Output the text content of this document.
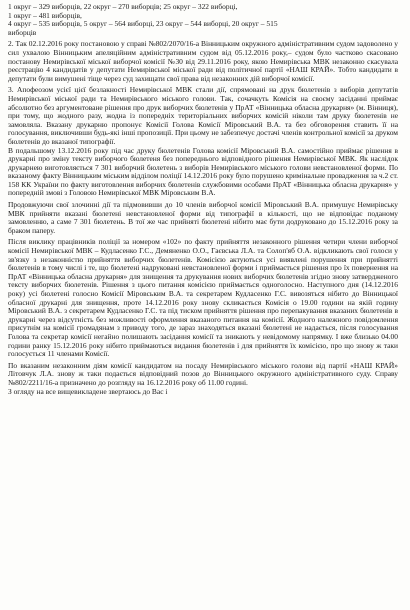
1 округ – 329 виборців, 22 округ – 270 виборців; 25 округ – 322 виборці,
1 округ – 481 виборців,
4 округ – 535 виборців, 5 округ – 564 виборці, 23 округ – 544 виборці, 20 округ – 515
виборців

2. Так 02.12.2016 року постановою у справі №802/2070/16-а Вінницьким окружного адміністративним судом задоволено у сил ухвалою Вінницьким апеляційним адміністративним судом від 05.12.2016 року,– судом було частково скасовано постанову Немирівської міської виборчої комісії №30 від 29.11.2016 року, якою Немирівська МВК незаконно скасувала реєстрацію 4 кандидатів у депутати Немирівської міської ради від політичної партії «НАШ КРАЙ». Тобто кандидати в депутати були вимушені тіще через суд захищати свої права від незаконних дій виборчої комісії.

3. Апофеозом усієї цієї безлакності Немирівської МВК стали дії, спрямовані на друк бюлетенів з виборів депутатів Немирівської міської ради та Немирівського міського голови. Так, сочачкуть Комісія на своєму засіданні приймає абсолютно без аргументоване рішення про друк виборчих бюлетенів у ПрАТ «Вінницька обласна друкарня» (м. Вінниця), при тому, що жодного разу, жодна із попередніх територіальних виборчих комісій ніколи там друку бюлетенів не замовляла. Вказану друкарню пропонує Комісії Голова Комісії Міровський В.А. та без обговорення ставить її на голосування, виключивши будь-які інші пропозиції. При цьому не забезпечує достачі членів контрольної комісії за друком бюлетенів до вказаної типографії.

В подальшому 13.12.2016 року під час друку бюлетенів Голова комісії Міровський В.А. самостійно приймає рішення в друкарні про зміну тексту виборчого бюлетеня без попереднього відповідного рішення Немирівської МВК. Як наслідок друкарнею виготовляється 7 301 виборчий бюлетень з виборів Немирівського міського голови невстановленої форми. По вказаному факту Вінницьким міським відділом поліції 14.12.2016 року було порушено кримінальне провадження за ч.2 ст. 158 КК України по факту виготовлення виборчих бюлетенів службовими особами ПрАТ «Вінницька обласна друкарня» у попередній змові з Головою Немирівської МВК Міровським В.А.

Продовжуючи свої злочинні дії та підмовивши до 10 членів виборчої комісії Міровський В.А. примушує Немирівську МВК прийняти вказані бюлетені невстановленої форми від типографії в кількості, що не відповідає поданому замовленню, а саме 7 301 бюлетень. В тої же час прийняті бюлетені нібито має бути додруковано до 15.12.2016 року за браком паперу.

Після виклику працівників поліції за номером «102» по факту прийняття незаконного рішення четири члени виборчої комісії Немирівської МВК – Кудласенко Г.С., Демяненко О.О., Гаєвська Л.А. та Солоп'яб О.А. відкликають свої голоси у зв'язку з незаконністю прийняття виборчих бюлетенів. Комісією актуються усі виявлені порушення при прийнятті бюлетенів в тому числі і те, що бюлетені надруковані невстановленої форми і приймається рішення про їх повернення на ПрАТ «Вінницька обласна друкарня» для знищення та друкування нових виборчих бюлетенів згідно знову затвердженого тексту виборчих бюлетенів. Рішення з цього питання комісією приймається одноголосно. Наступного дня (14.12.2016 року) усі бюлетені голосно Комісії Міровським В.А. та секретарем Кудласенко Г.С. вивозяться нібито до Вінницької обласної друкарні для знищення, проте 14.12.2016 року знову скликається Комісія о 19.00 години на якій годину Міровський В.А. з секретарем Кудласенко Г.С. та під тиском прийняття рішення про перепакування вказаних бюлетенів в друкарні через відсутність без можливості оформлення вказаного питання на комісії. Жодного належного повідомлення присутнім на комісії громадянам з приводу того, де зараз знаходяться вказані бюлетені не надається, після голосування Голова та секретар комісії негайно полишають засідання комісії та зникають у невідомому напрямку. І вже близько 04.00 години ранку 15.12.2016 року нібито приймаються видання бюлетенів і для прийняття їх комісією, про що знову ж таки голосується 11 членами Комісії.

По вказаним незаконним діям комісії кандидатом на посаду Немирівського міського голови від партії «НАШ КРАЙ» Літовчук Л.А. знову ж таки подається відповідний позов до Вінницького окружного адміністративного суду. Справу №802/2211/16-а призначено до розгляду на 16.12.2016 року об 11.00 годині.

З огляду на все вищевикладене звертаюсь до Вас і
